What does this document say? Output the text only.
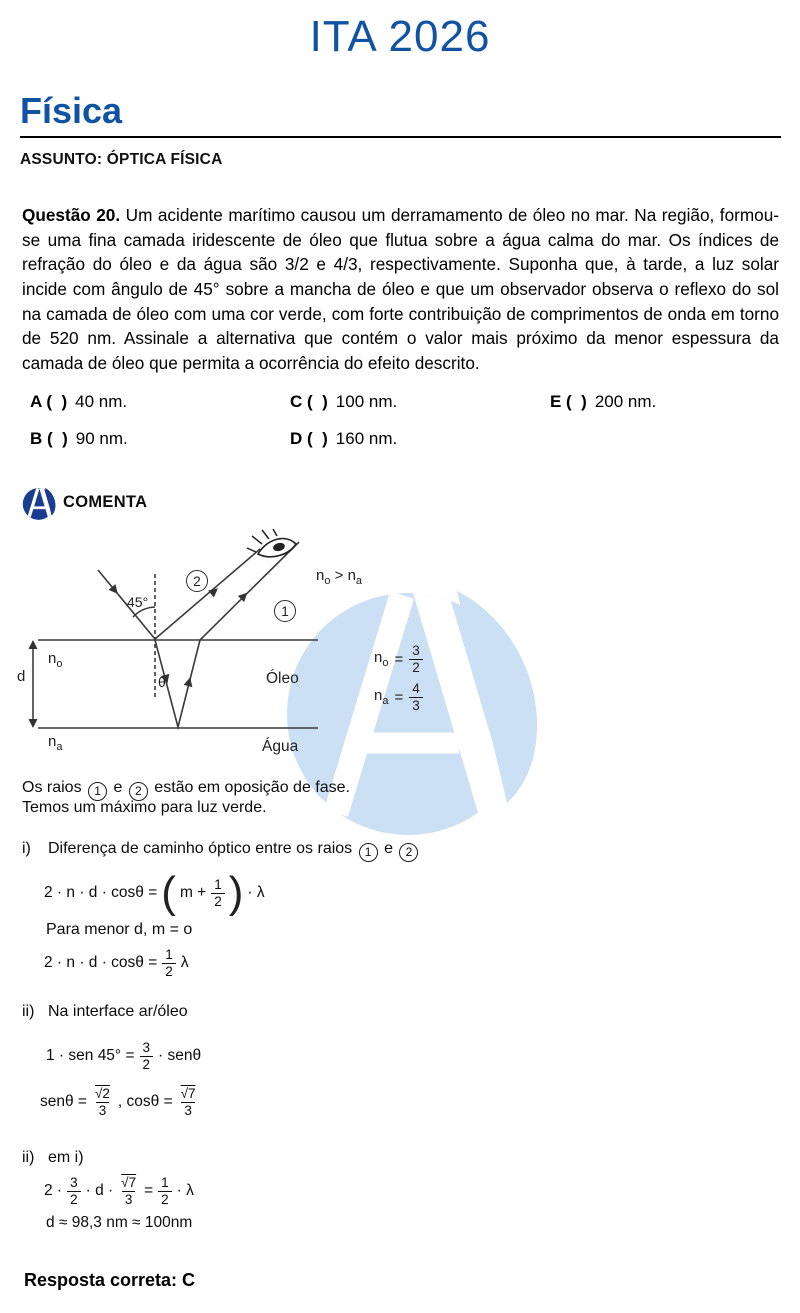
ITA 2026
Física
ASSUNTO: ÓPTICA FÍSICA

Questão 20. Um acidente marítimo causou um derramamento de óleo no mar. Na região, formou-se uma fina camada iridescente de óleo que flutua sobre a água calma do mar. Os índices de refração do óleo e da água são 3/2 e 4/3, respectivamente. Suponha que, à tarde, a luz solar incide com ângulo de 45° sobre a mancha de óleo e que um observador observa o reflexo do sol na camada de óleo com uma cor verde, com forte contribuição de comprimentos de onda em torno de 520 nm. Assinale a alternativa que contém o valor mais próximo da menor espessura da camada de óleo que permita a ocorrência do efeito descrito.

A (  ) 40 nm.
B (  ) 90 nm.
C (  ) 100 nm.
D (  ) 160 nm.
E (  ) 200 nm.
COMENTA
45°
θ
d
$n_o$
$n_a$
Óleo
Água
$n_o > n_a$
$n_o = \frac{3}{2}$
$n_a = \frac{4}{3}$
2
1
Os raios 1 e 2 estão em oposição de fase.
Temos um máximo para luz verde.
i) Diferença de caminho óptico entre os raios 1 e 2
2 · n · d · cosθ = ( $m + \frac{1}{2}$ ) · λ
Para menor d, m = o
$2 \cdot n \cdot d \cdot \cos\theta = \frac{1}{2}$ λ
ii) Na interface ar/óleo
1 · sen $45^\circ = \frac{3}{2} \cdot sen\theta$
$sen\theta = \frac{√2}{3}$ , $\cos\theta = \frac{√7}{3}$
ii) em i)
$2 \cdot \frac{3}{2} \cdot d \cdot \frac{√7}{3} = \frac{1}{2} \cdot \lambda$
d ≈ 98,3 nm ≈ 100nm
Resposta correta: C
